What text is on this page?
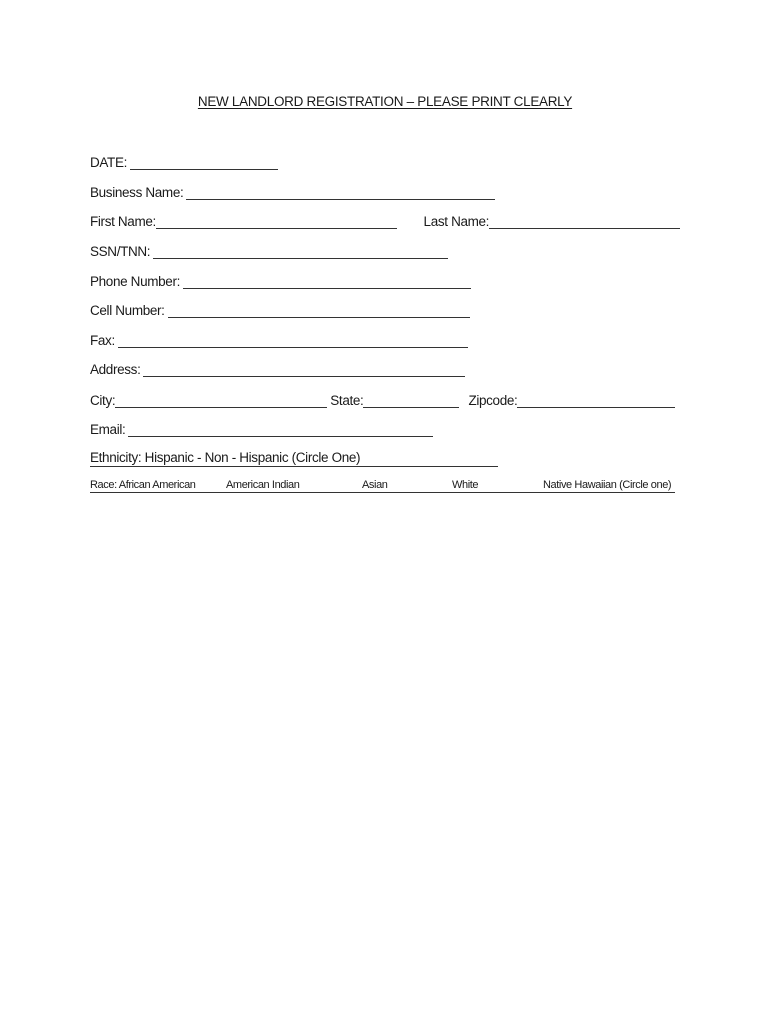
NEW LANDLORD REGISTRATION – PLEASE PRINT CLEARLY
DATE:
Business Name:
First Name:	Last Name:
SSN/TNN:
Phone Number:
Cell Number:
Fax:
Address:
City:	State:	Zipcode:
Email:
Ethnicity: Hispanic - Non - Hispanic (Circle One)
Race: African American	American Indian	Asian	White	Native Hawaiian (Circle one)
